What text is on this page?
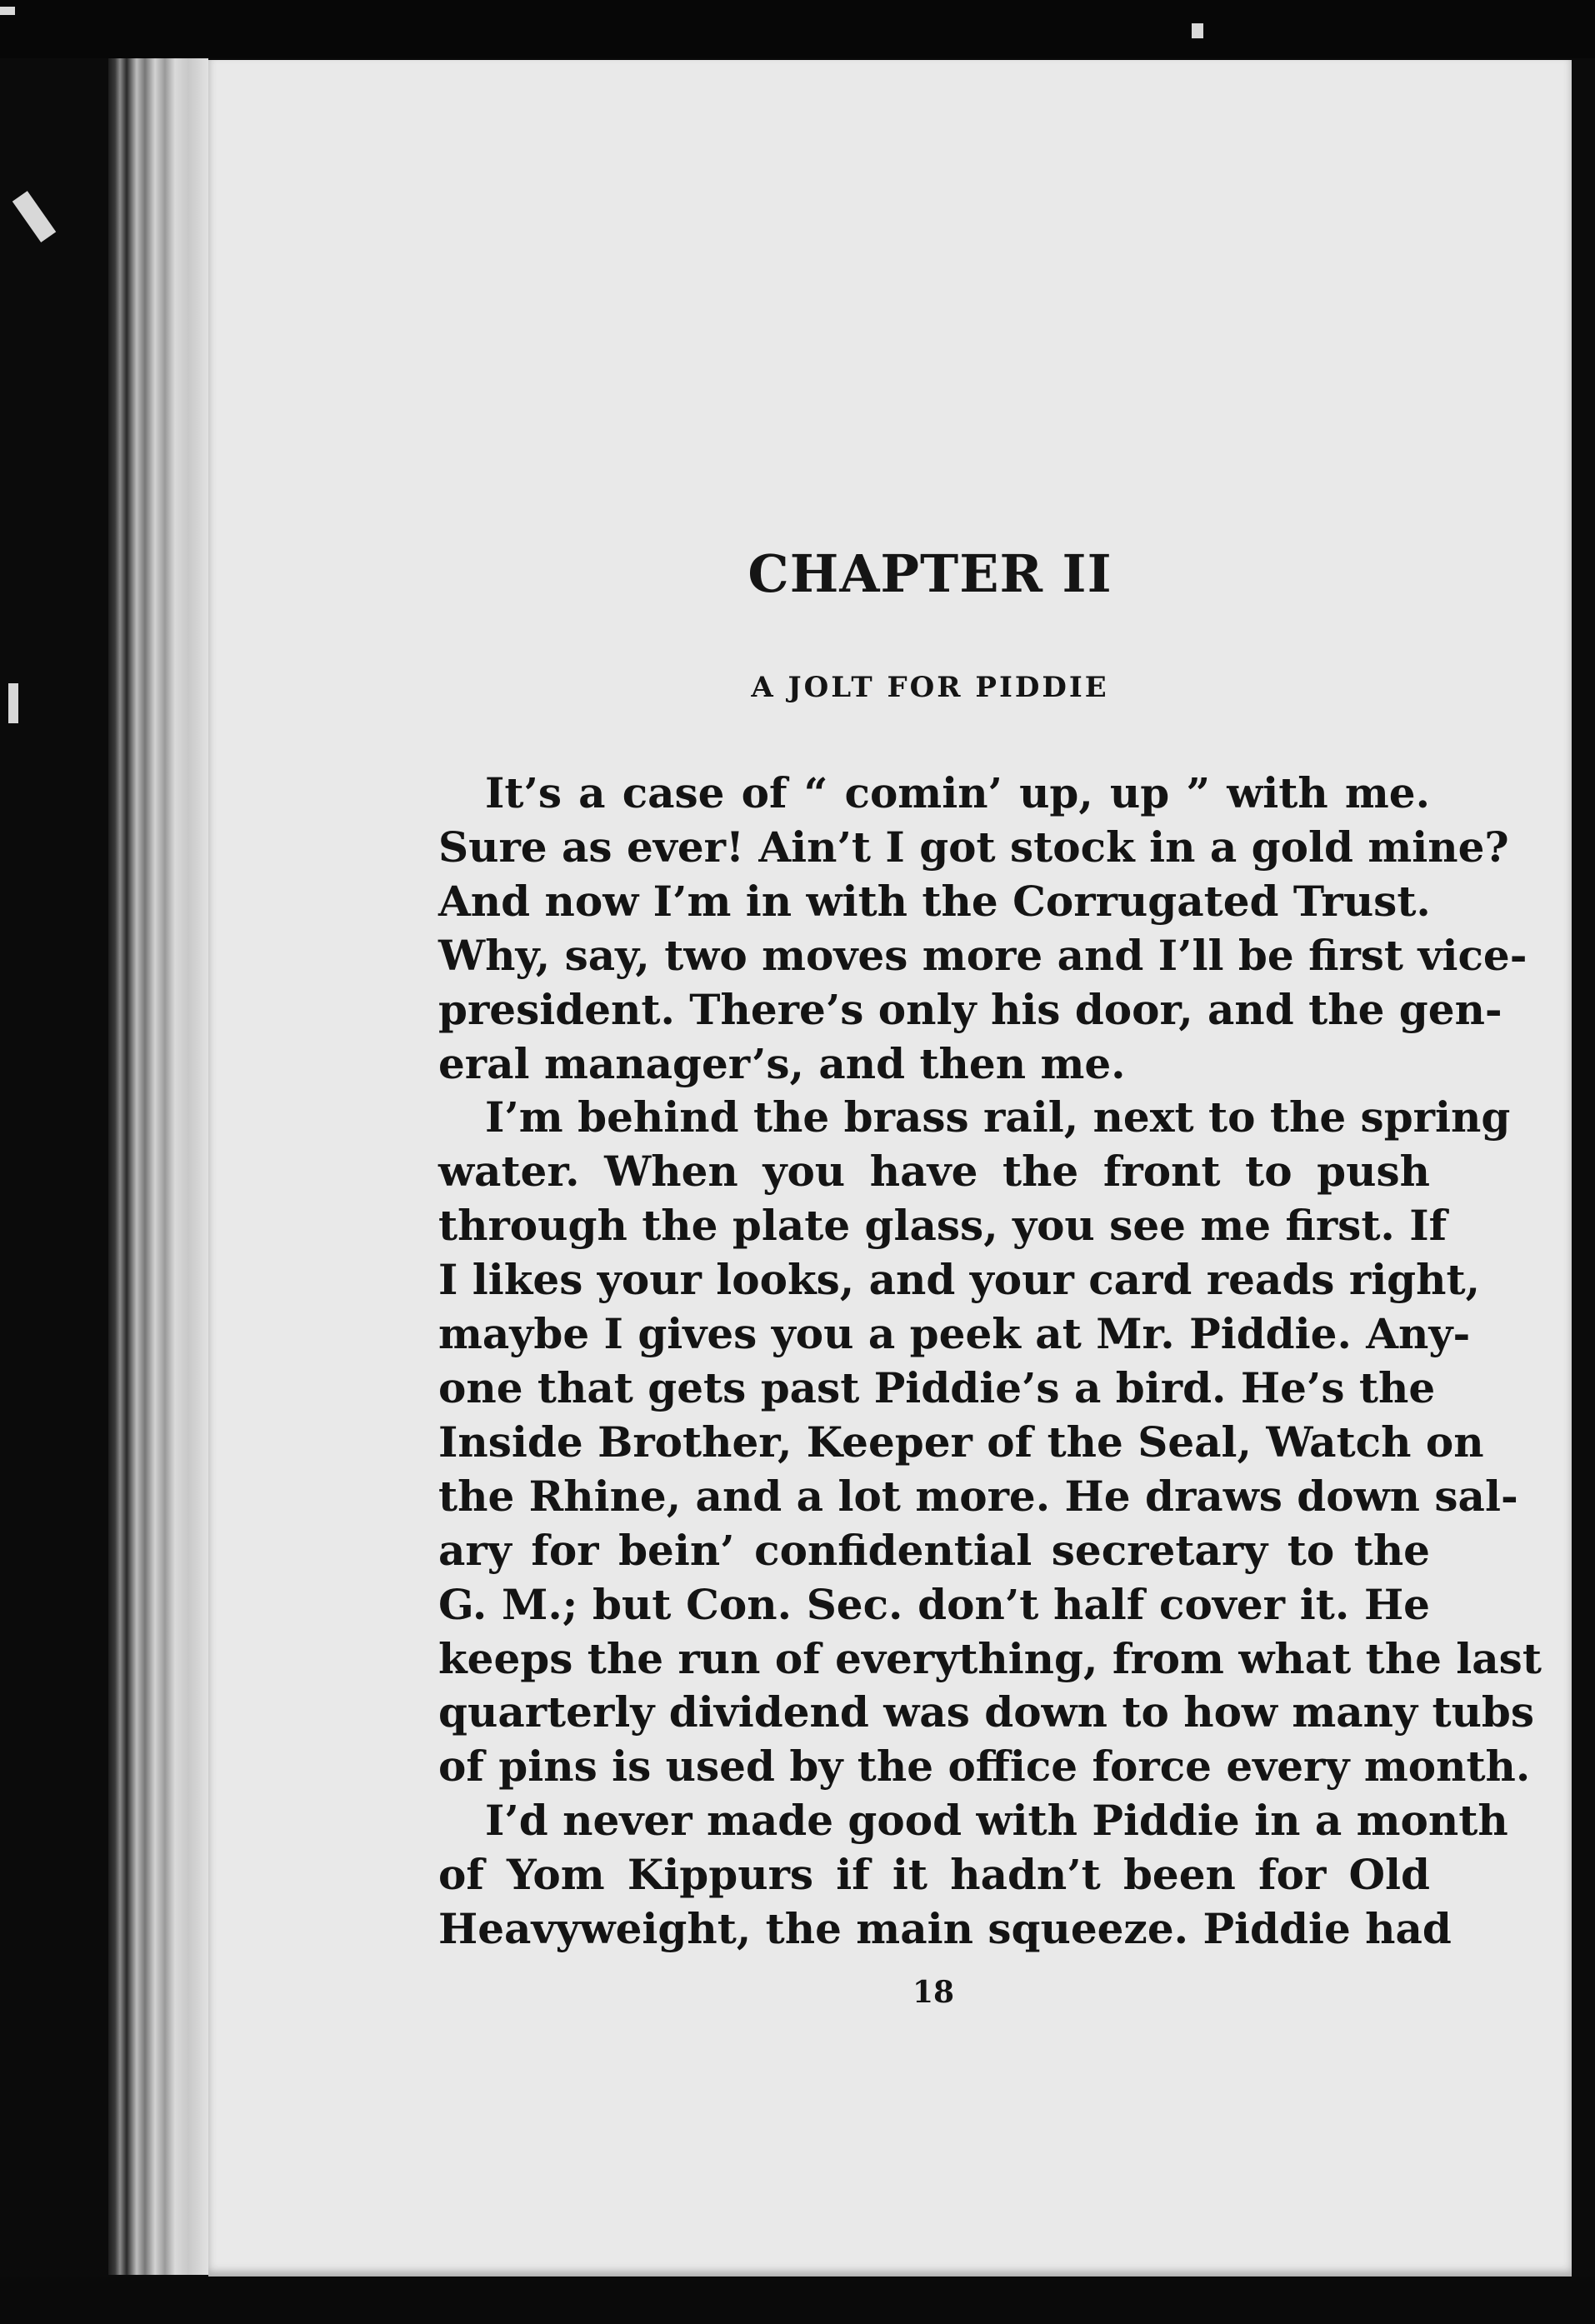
CHAPTER II
A JOLT FOR PIDDIE
It’s a case of “ comin’ up, up ” with me.
Sure as ever! Ain’t I got stock in a gold mine?
And now I’m in with the Corrugated Trust.
Why, say, two moves more and I’ll be first vice-
president. There’s only his door, and the gen-
eral manager’s, and then me.
I’m behind the brass rail, next to the spring
water. When you have the front to push
through the plate glass, you see me first. If
I likes your looks, and your card reads right,
maybe I gives you a peek at Mr. Piddie. Any-
one that gets past Piddie’s a bird. He’s the
Inside Brother, Keeper of the Seal, Watch on
the Rhine, and a lot more. He draws down sal-
ary for bein’ confidential secretary to the
G. M.; but Con. Sec. don’t half cover it. He
keeps the run of everything, from what the last
quarterly dividend was down to how many tubs
of pins is used by the office force every month.
I’d never made good with Piddie in a month
of Yom Kippurs if it hadn’t been for Old
Heavyweight, the main squeeze. Piddie had
18
